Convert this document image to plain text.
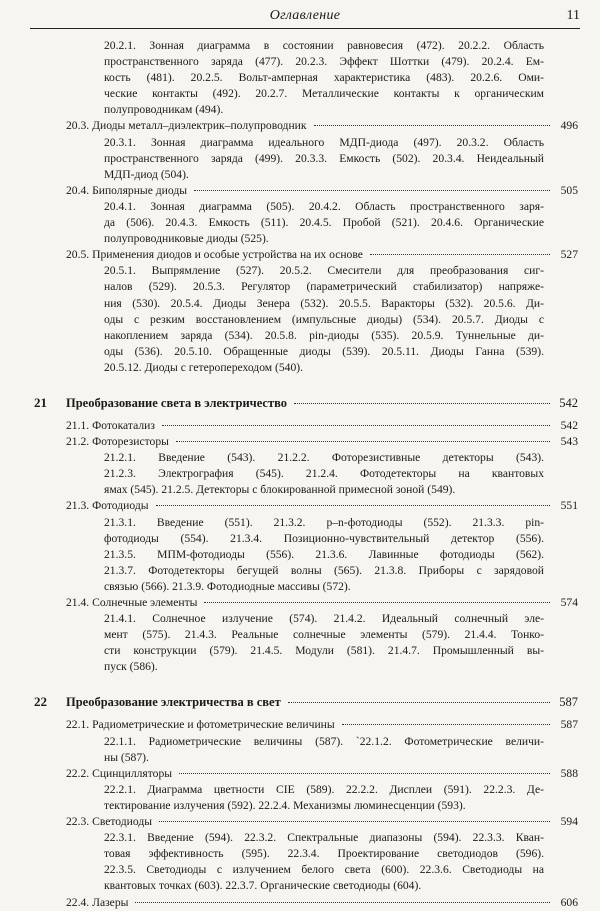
Оглавление	11
20.2.1. Зонная диаграмма в состоянии равновесия (472). 20.2.2. Область
пространственного заряда (477). 20.2.3. Эффект Шоттки (479). 20.2.4. Ем-
кость (481). 20.2.5. Вольт-амперная характеристика (483). 20.2.6. Оми-
ческие контакты (492). 20.2.7. Металлические контакты к органическим
полупроводникам (494).
20.3. Диоды металл–диэлектрик–полупроводник	496
20.3.1. Зонная диаграмма идеального МДП-диода (497). 20.3.2. Область
пространственного заряда (499). 20.3.3. Емкость (502). 20.3.4. Неидеальный
МДП-диод (504).
20.4. Биполярные диоды	505
20.4.1. Зонная диаграмма (505). 20.4.2. Область пространственного заря-
да (506). 20.4.3. Емкость (511). 20.4.5. Пробой (521). 20.4.6. Органические
полупроводниковые диоды (525).
20.5. Применения диодов и особые устройства на их основе	527
20.5.1. Выпрямление (527). 20.5.2. Смесители для преобразования сиг-
налов (529). 20.5.3. Регулятор (параметрический стабилизатор) напряже-
ния (530). 20.5.4. Диоды Зенера (532). 20.5.5. Варакторы (532). 20.5.6. Ди-
оды с резким восстановлением (импульсные диоды) (534). 20.5.7. Диоды с
накоплением заряда (534). 20.5.8. pin-диоды (535). 20.5.9. Туннельные ди-
оды (536). 20.5.10. Обращенные диоды (539). 20.5.11. Диоды Ганна (539).
20.5.12. Диоды с гетеропереходом (540).
21 Преобразование света в электричество	542
21.1. Фотокатализ	542
21.2. Фоторезисторы	543
21.2.1. Введение (543). 21.2.2. Фоторезистивные детекторы (543).
21.2.3. Электрография (545). 21.2.4. Фотодетекторы на квантовых
ямах (545). 21.2.5. Детекторы с блокированной примесной зоной (549).
21.3. Фотодиоды	551
21.3.1. Введение (551). 21.3.2. p–n-фотодиоды (552). 21.3.3. pin-
фотодиоды (554). 21.3.4. Позиционно-чувствительный детектор (556).
21.3.5. МПМ-фотодиоды (556). 21.3.6. Лавинные фотодиоды (562).
21.3.7. Фотодетекторы бегущей волны (565). 21.3.8. Приборы с зарядовой
связью (566). 21.3.9. Фотодиодные массивы (572).
21.4. Солнечные элементы	574
21.4.1. Солнечное излучение (574). 21.4.2. Идеальный солнечный эле-
мент (575). 21.4.3. Реальные солнечные элементы (579). 21.4.4. Тонко-
сти конструкции (579). 21.4.5. Модули (581). 21.4.7. Промышленный вы-
пуск (586).
22 Преобразование электричества в свет	587
22.1. Радиометрические и фотометрические величины	587
22.1.1. Радиометрические величины (587). `22.1.2. Фотометрические величи-
ны (587).
22.2. Сцинцилляторы	588
22.2.1. Диаграмма цветности CIE (589). 22.2.2. Дисплеи (591). 22.2.3. Де-
тектирование излучения (592). 22.2.4. Механизмы люминесценции (593).
22.3. Светодиоды	594
22.3.1. Введение (594). 22.3.2. Спектральные диапазоны (594). 22.3.3. Кван-
товая эффективность (595). 22.3.4. Проектирование светодиодов (596).
22.3.5. Светодиоды с излучением белого света (600). 22.3.6. Светодиоды на
квантовых точках (603). 22.3.7. Органические светодиоды (604).
22.4. Лазеры	606
